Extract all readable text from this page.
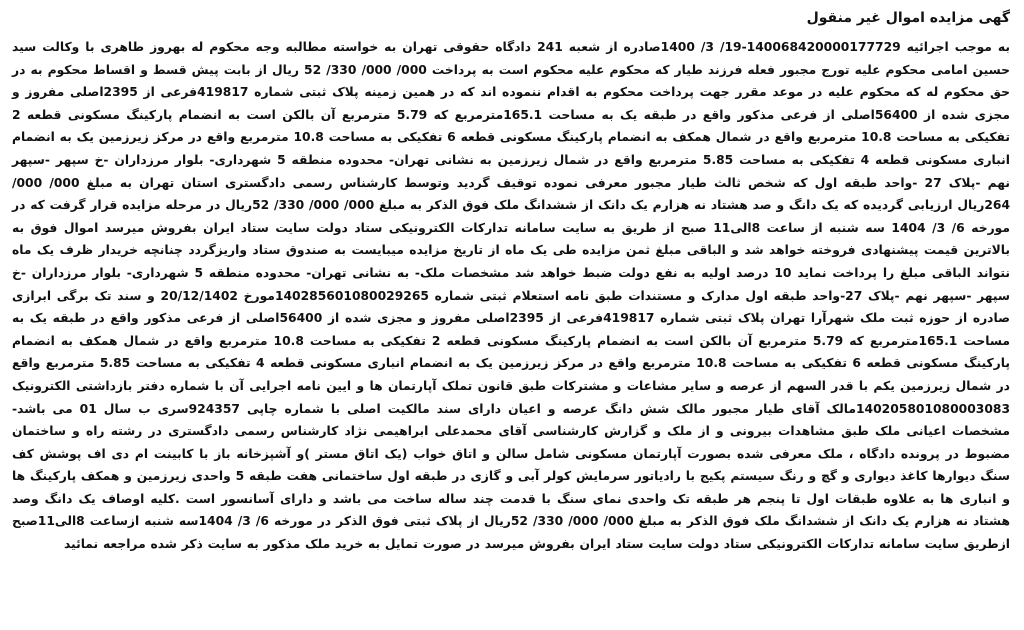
گهی مزایده اموال غیر منقول

به موجب اجرائیه 140068420000177729-19/ 3/ 1400صادره از شعبه 241 دادگاه حقوقی تهران به خواسته مطالبه وجه محکوم له بهروز طاهری با وکالت سید حسین امامی محکوم علیه تورج مجبور فعله فرزند طیار که محکوم علیه محکوم است به پرداخت 000/ 000/ 330/ 52 ریال از بابت پیش قسط و اقساط محکوم به در حق محکوم له که محکوم علیه در موعد مقرر جهت پرداخت محکوم به اقدام ننموده اند که در همین زمینه پلاک ثبتی شماره 419817فرعی از 2395اصلی مفروز و مجزی شده از 56400اصلی از فرعی مذکور واقع در طبقه یک به مساحت 165.1مترمربع که 5.79 مترمربع آن بالکن است به انضمام پارکینگ مسکونی قطعه 2 تفکیکی به مساحت 10.8 مترمربع واقع در شمال همکف به انضمام پارکینگ مسکونی قطعه 6 تفکیکی به مساحت 10.8 مترمربع واقع در مرکز زیرزمین یک به انضمام انباری مسکونی قطعه 4 تفکیکی به مساحت 5.85 مترمربع واقع در شمال زیرزمین به نشانی تهران- محدوده منطقه 5 شهرداری- بلوار مرزداران -خ سپهر -سپهر نهم -پلاک 27 -واحد طبقه اول که شخص ثالث طیار مجبور معرفی نموده توقیف گردید وتوسط کارشناس رسمی دادگستری استان تهران به مبلغ 000/ 000/ 264ریال ارزیابی گردیده که یک دانگ و صد هشتاد نه هزارم یک دانک از ششدانگ ملک فوق الذکر به مبلغ 000/ 000/ 330/ 52ریال در مرحله مزایده قرار گرفت که در مورخه 6/ 3/ 1404 سه شنبه از ساعت 8الی11 صبح از طریق به سایت سامانه تدارکات الکترونیکی ستاد دولت سایت ستاد ایران بفروش میرسد اموال فوق به بالاترین قیمت پیشنهادی فروخته خواهد شد و الباقی مبلغ ثمن مزایده طی یک ماه از تاریخ مزایده میبایست به صندوق ستاد واریزگردد چنانچه خریدار ظرف یک ماه نتواند الباقی مبلغ را پرداخت نماید 10 درصد اولیه به نفع دولت ضبط خواهد شد مشخصات ملک- به نشانی تهران- محدوده منطقه 5 شهرداری- بلوار مرزداران -خ سپهر -سپهر نهم -پلاک 27-واحد طبقه اول مدارک و مستندات طبق نامه استعلام ثبتی شماره 140285601080029265مورخ 20/12/1402 و سند تک برگی ابرازی صادره از حوزه ثبت ملک شهرآرا تهران پلاک ثبتی شماره 419817فرعی از 2395اصلی مفروز و مجزی شده از 56400اصلی از فرعی مذکور واقع در طبقه یک به مساحت 165.1مترمربع که 5.79 مترمربع آن بالکن است به انضمام پارکینگ مسکونی قطعه 2 تفکیکی به مساحت 10.8 مترمربع واقع در شمال همکف به انضمام پارکینگ مسکونی قطعه 6 تفکیکی به مساحت 10.8 مترمربع واقع در مرکز زیرزمین یک به انضمام انباری مسکونی قطعه 4 تفکیکی به مساحت 5.85 مترمربع واقع در شمال زیرزمین یکم با قدر السهم از عرصه و سایر مشاعات و مشترکات طبق قانون تملک آپارتمان ها و ایین نامه اجرایی آن با شماره دفتر بازداشتی الکترونیک 140205801080003083مالک آقای طیار مجبور مالک شش دانگ عرصه و اعیان دارای سند مالکیت اصلی با شماره چاپی 924357سری ب سال 01 می باشد-مشخصات اعیانی ملک طبق مشاهدات بیرونی و از ملک و گزارش کارشناسی آقای محمدعلی ابراهیمی نژاد کارشناس رسمی دادگستری در رشته راه و ساختمان مضبوط در پرونده دادگاه ، ملک معرفی شده بصورت آپارتمان مسکونی شامل سالن و اتاق خواب (یک اتاق مستر )و آشپزخانه باز با کابینت ام دی اف پوشش کف سنگ دیوارها کاغذ دیواری و گچ و رنگ سیستم پکیج با رادیاتور سرمایش کولر آبی و گازی در طبقه اول ساختمانی هفت طبقه 5 واحدی زیرزمین و همکف پارکینگ ها و انباری ها به علاوه طبقات اول تا پنجم هر طبقه تک واحدی نمای سنگ با قدمت چند ساله ساخت می باشد و دارای آسانسور است .کلیه اوصاف یک دانگ وصد هشتاد نه هزارم یک دانک از ششدانگ ملک فوق الذکر به مبلغ 000/ 000/ 330/ 52ریال از پلاک ثبتی فوق الذکر در مورخه 6/ 3/ 1404سه شنبه ازساعت 8الی11صبح ازطریق سایت سامانه تدارکات الکترونیکی ستاد دولت سایت ستاد ایران بفروش میرسد در صورت تمایل به خرید ملک مذکور به سایت ذکر شده مراجعه نمائید
